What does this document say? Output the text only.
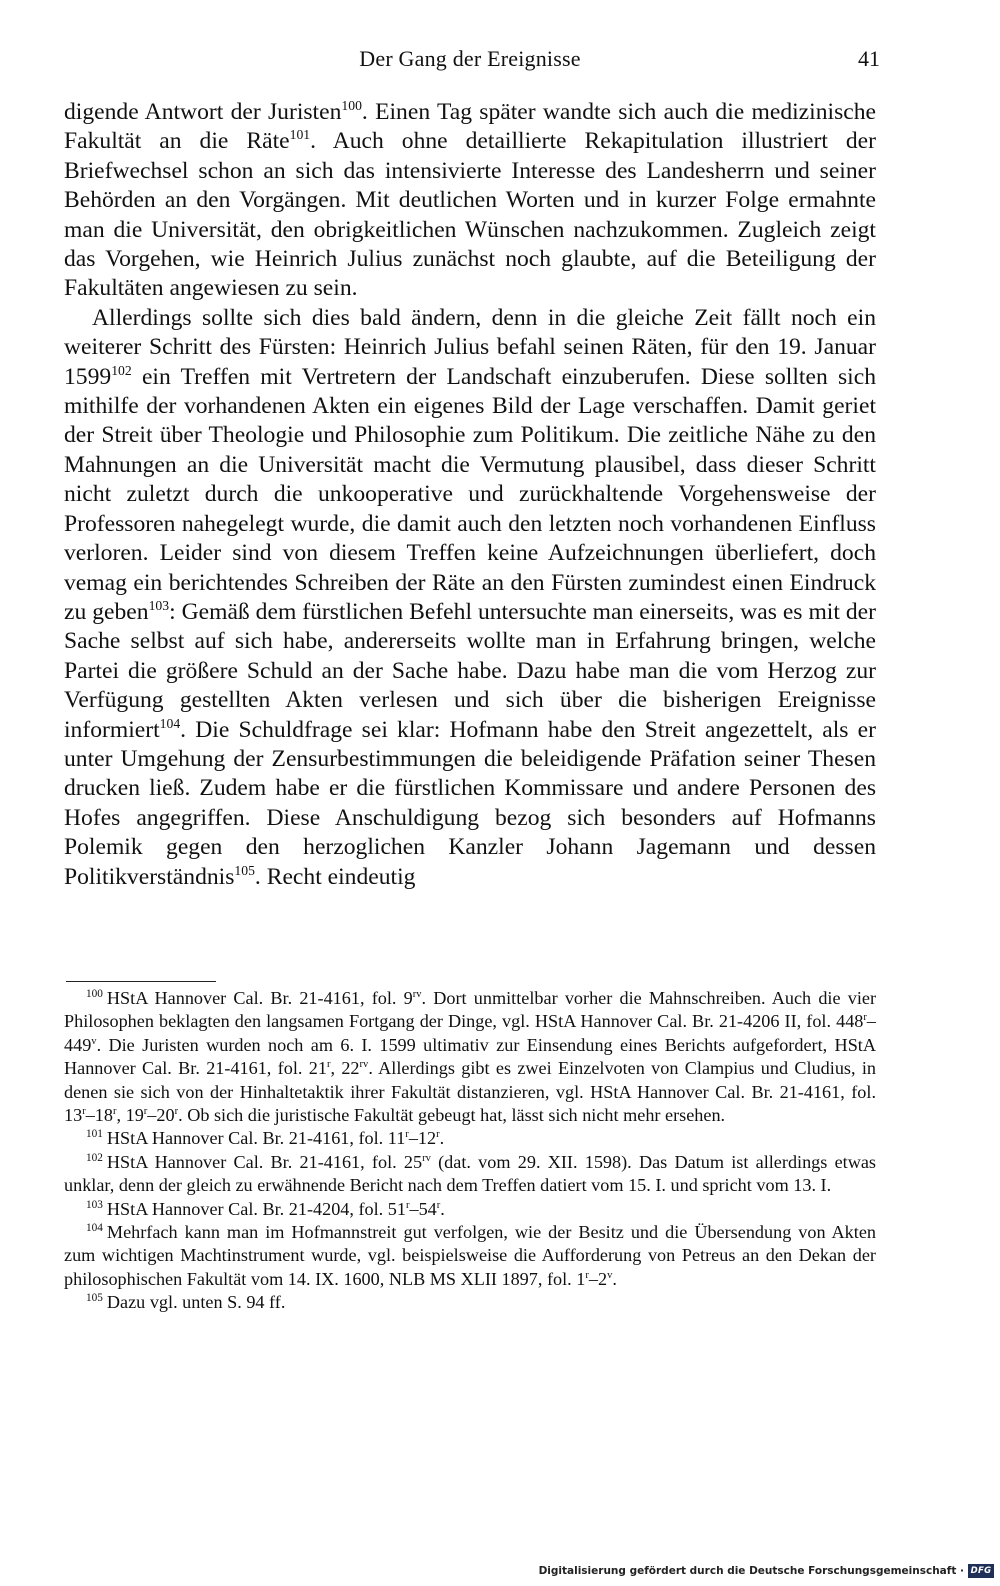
Der Gang der Ereignisse	41

digende Antwort der Juristen$^{100}$. Einen Tag später wandte sich auch die medizinische Fakultät an die Räte$^{101}$. Auch ohne detaillierte Rekapitulation illustriert der Briefwechsel schon an sich das intensivierte Interesse des Landesherrn und seiner Behörden an den Vorgängen. Mit deutlichen Worten und in kurzer Folge ermahnte man die Universität, den obrigkeitlichen Wünschen nachzukommen. Zugleich zeigt das Vorgehen, wie Heinrich Julius zunächst noch glaubte, auf die Beteiligung der Fakultäten angewiesen zu sein.

Allerdings sollte sich dies bald ändern, denn in die gleiche Zeit fällt noch ein weiterer Schritt des Fürsten: Heinrich Julius befahl seinen Räten, für den 19. Januar 1599$^{102}$ ein Treffen mit Vertretern der Landschaft einzuberufen. Diese sollten sich mithilfe der vorhandenen Akten ein eigenes Bild der Lage verschaffen. Damit geriet der Streit über Theologie und Philosophie zum Politikum. Die zeitliche Nähe zu den Mahnungen an die Universität macht die Vermutung plausibel, dass dieser Schritt nicht zuletzt durch die unkooperative und zurückhaltende Vorgehensweise der Professoren nahegelegt wurde, die damit auch den letzten noch vorhandenen Einfluss verloren. Leider sind von diesem Treffen keine Aufzeichnungen überliefert, doch vemag ein berichtendes Schreiben der Räte an den Fürsten zumindest einen Eindruck zu geben$^{103}$: Gemäß dem fürstlichen Befehl untersuchte man einerseits, was es mit der Sache selbst auf sich habe, andererseits wollte man in Erfahrung bringen, welche Partei die größere Schuld an der Sache habe. Dazu habe man die vom Herzog zur Verfügung gestellten Akten verlesen und sich über die bisherigen Ereignisse informiert$^{104}$. Die Schuldfrage sei klar: Hofmann habe den Streit angezettelt, als er unter Umgehung der Zensurbestimmungen die beleidigende Präfation seiner Thesen drucken ließ. Zudem habe er die fürstlichen Kommissare und andere Personen des Hofes angegriffen. Diese Anschuldigung bezog sich besonders auf Hofmanns Polemik gegen den herzoglichen Kanzler Johann Jagemann und dessen Politikverständnis$^{105}$. Recht eindeutig

$^{100}$ HStA Hannover Cal. Br. 21-4161, fol. $9^{rv}$. Dort unmittelbar vorher die Mahnschreiben. Auch die vier Philosophen beklagten den langsamen Fortgang der Dinge, vgl. HStA Hannover Cal. Br. 21-4206 II, fol. 448$^r$–449$^v$. Die Juristen wurden noch am 6. I. 1599 ultimativ zur Einsendung eines Berichts aufgefordert, HStA Hannover Cal. Br. 21-4161, fol. 21$^r$, $22^{rv}$. Allerdings gibt es zwei Einzelvoten von Clampius und Cludius, in denen sie sich von der Hinhaltetaktik ihrer Fakultät distanzieren, vgl. HStA Hannover Cal. Br. 21-4161, fol. 13$^r$–18$^r$, 19$^r$–20$^r$. Ob sich die juristische Fakultät gebeugt hat, lässt sich nicht mehr ersehen.

$^{101}$ HStA Hannover Cal. Br. 21-4161, fol. 11$^r$–12$^r$.

$^{102}$ HStA Hannover Cal. Br. 21-4161, fol. $25^{rv}$ (dat. vom 29. XII. 1598). Das Datum ist allerdings etwas unklar, denn der gleich zu erwähnende Bericht nach dem Treffen datiert vom 15. I. und spricht vom 13. I.

$^{103}$ HStA Hannover Cal. Br. 21-4204, fol. 51$^r$–54$^r$.

$^{104}$ Mehrfach kann man im Hofmannstreit gut verfolgen, wie der Besitz und die Übersendung von Akten zum wichtigen Machtinstrument wurde, vgl. beispielsweise die Aufforderung von Petreus an den Dekan der philosophischen Fakultät vom 14. IX. 1600, NLB MS XLII 1897, fol. 1$^r$–2$^v$.

$^{105}$ Dazu vgl. unten S. 94 ff.

Digitalisierung gefördert durch die Deutsche Forschungsgemeinschaft · DFG
